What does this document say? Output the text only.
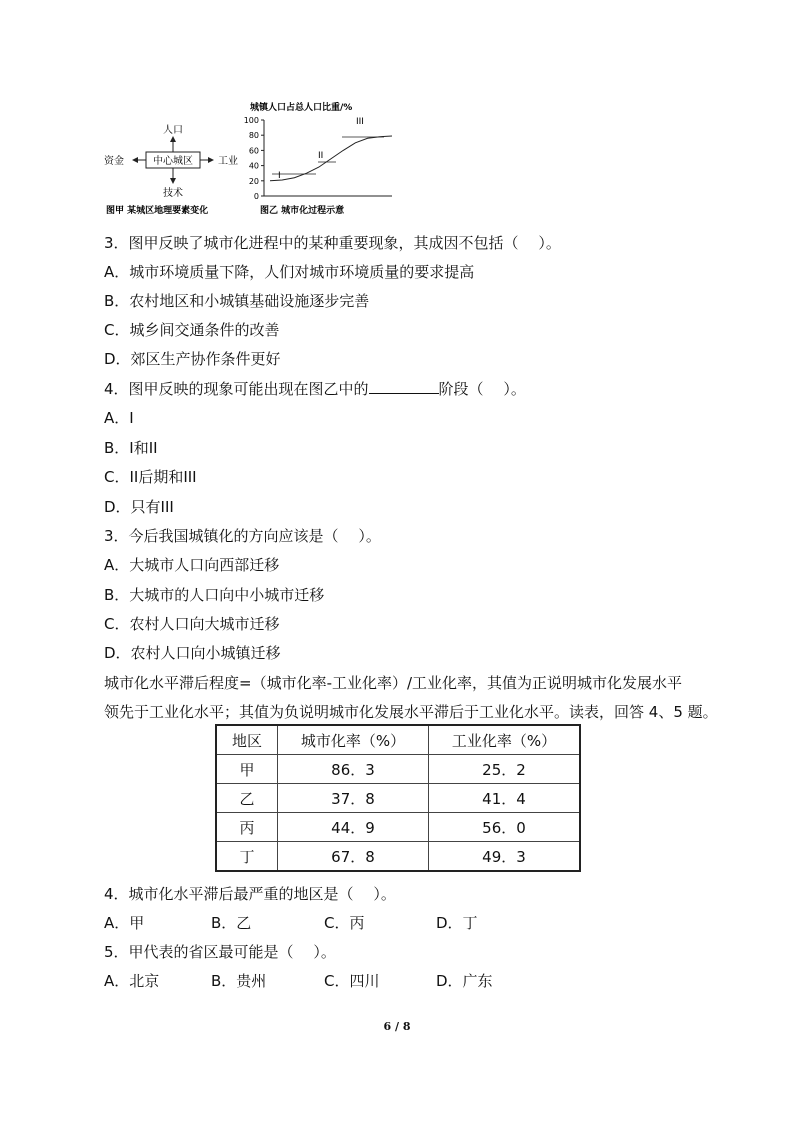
中心城区
人口
技术
资金	工业
图甲 某城区地理要素变化
城镇人口占总人口比重/%
0
20
40
60
80
100
I
II
III
图乙 城市化过程示意
3．图甲反映了城市化进程中的某种重要现象，其成因不包括（　 ）。
A．城市环境质量下降，人们对城市环境质量的要求提高
B．农村地区和小城镇基础设施逐步完善
C．城乡间交通条件的改善
D．郊区生产协作条件更好
4．图甲反映的现象可能出现在图乙中的	阶段（　 ）。
A．I
B．I和II
C．II后期和III
D．只有III
3．今后我国城镇化的方向应该是（　 ）。
A．大城市人口向西部迁移
B．大城市的人口向中小城市迁移
C．农村人口向大城市迁移
D．农村人口向小城镇迁移
城市化水平滞后程度=（城市化率-工业化率）/工业化率，其值为正说明城市化发展水平
领先于工业化水平；其值为负说明城市化发展水平滞后于工业化水平。读表，回答 4、5 题。
地区	城市化率（%）	工业化率（%）
甲	86．3	25．2
乙	37．8	41．4
丙	44．9	56．0
丁	67．8	49．3
4．城市化水平滞后最严重的地区是（　 ）。
A．甲	B．乙	C．丙	D．丁
5．甲代表的省区最可能是（　 ）。
A．北京	B．贵州	C．四川	D．广东
6 / 8
